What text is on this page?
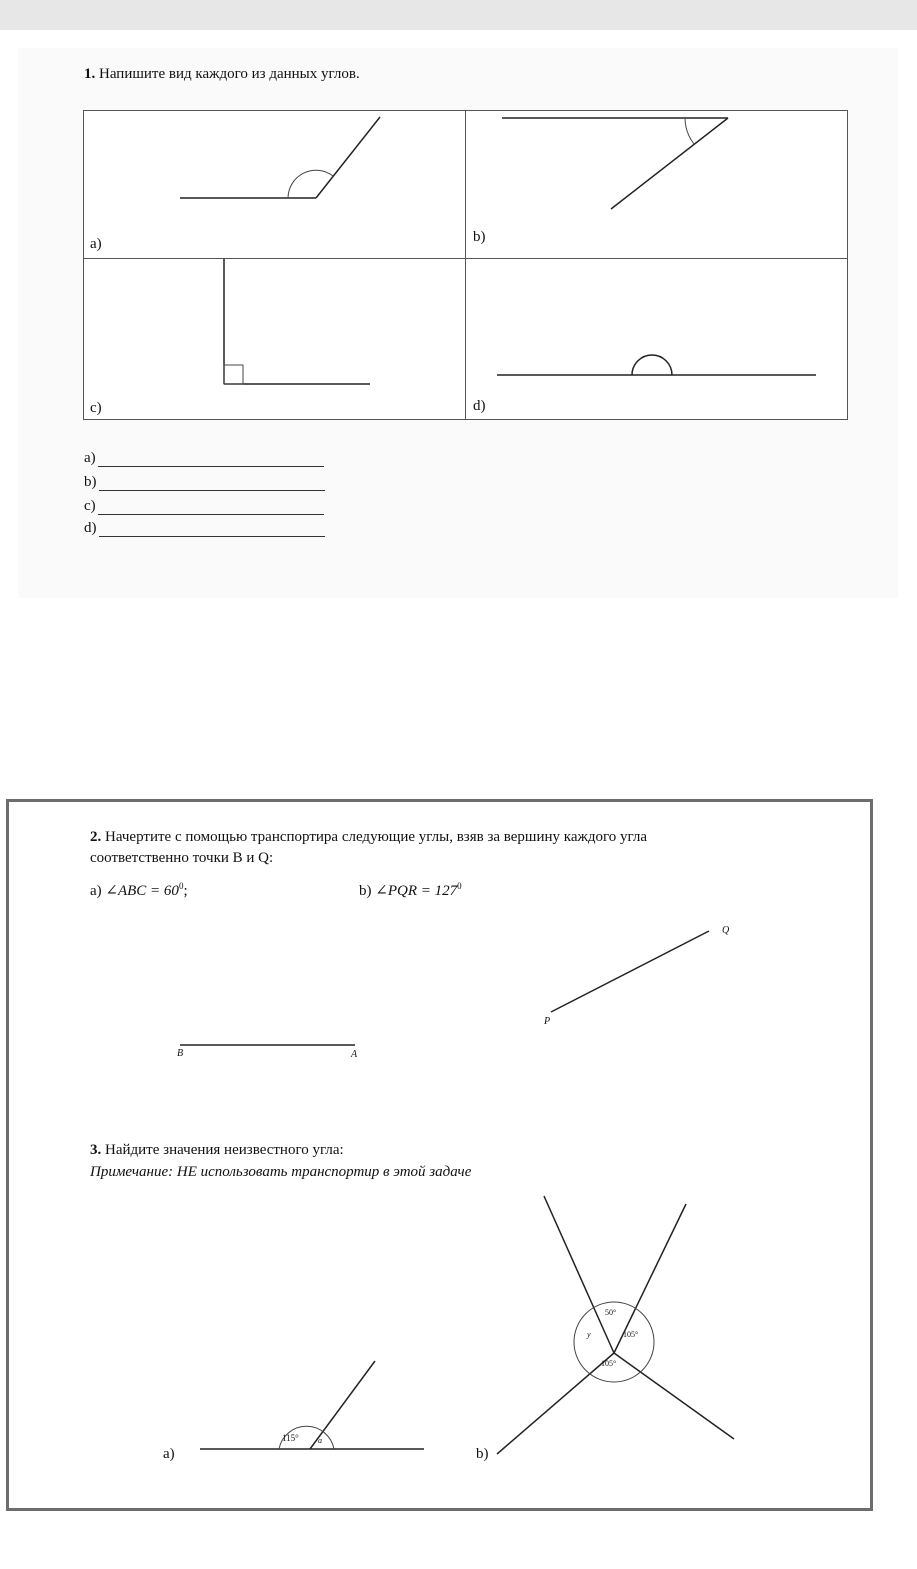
1. Напишите вид каждого из данных углов.
a)	b)
c)	d)
a)
b)
c)
d)
2. Начертите с помощью транспортира следующие углы, взяв за вершину каждого угла
соответственно точки В и Q:
a) ∠ABC = $60^0$;	b) ∠PQR = $127^0$
B	A
P
Q
3. Найдите значения неизвестного угла:
Примечание: НЕ использовать транспортир в этой задаче
115° a
a)
50°
105°
105°
y
b)
